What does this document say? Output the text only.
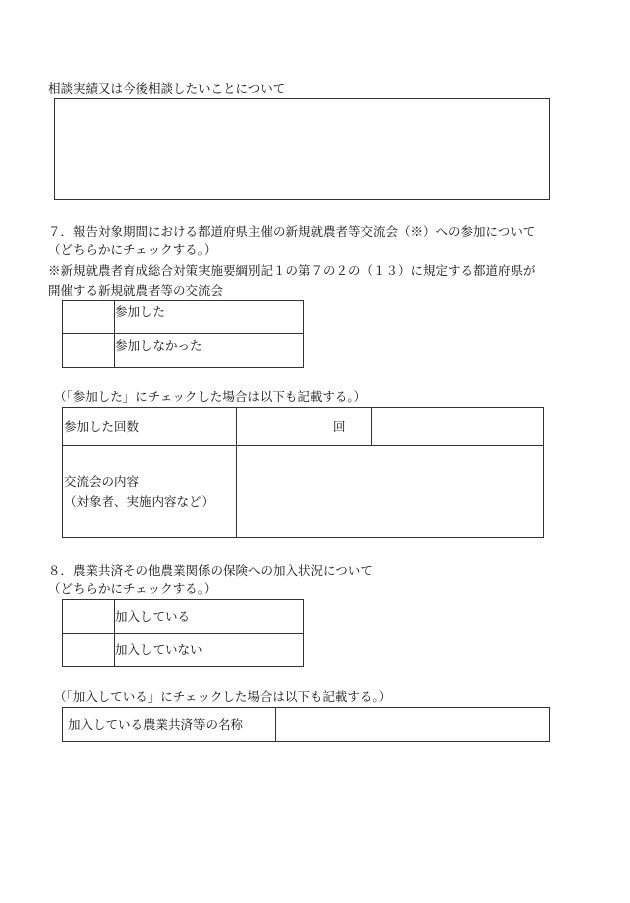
相談実績又は今後相談したいことについて
７．報告対象期間における都道府県主催の新規就農者等交流会（※）への参加について
（どちらかにチェックする。）
※新規就農者育成総合対策実施要綱別記１の第７の２の（１３）に規定する都道府県が
開催する新規就農者等の交流会
参加した
参加しなかった
（「参加した」にチェックした場合は以下も記載する。）
参加した回数	回
交流会の内容
（対象者、実施内容など）
８．農業共済その他農業関係の保険への加入状況について
（どちらかにチェックする。）
加入している
加入していない
（「加入している」にチェックした場合は以下も記載する。）
加入している農業共済等の名称
